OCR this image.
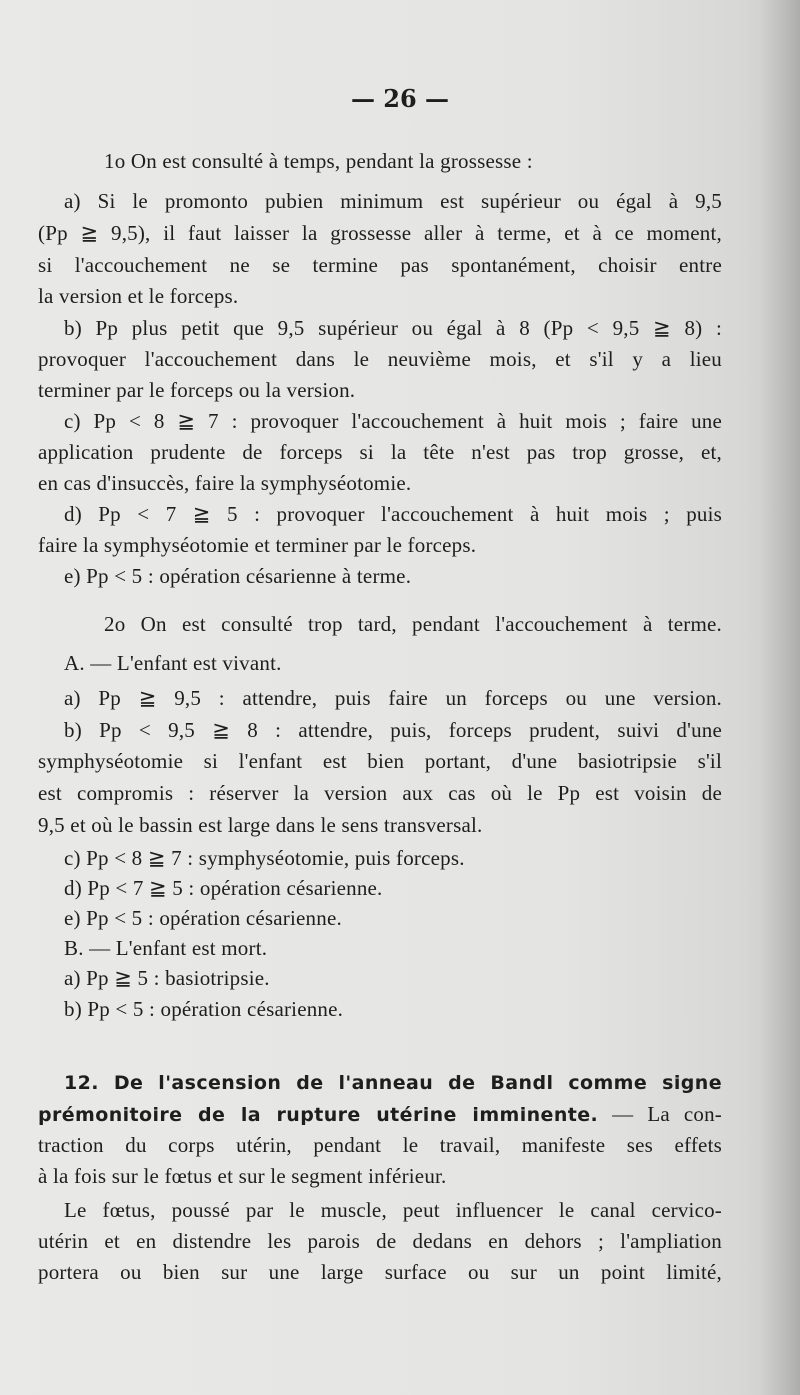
— 26 —
1o On est consulté à temps, pendant la grossesse :
a) Si le promonto pubien minimum est supérieur ou égal à 9,5
(Pp ≧ 9,5), il faut laisser la grossesse aller à terme, et à ce moment,
si l'accouchement ne se termine pas spontanément, choisir entre
la version et le forceps.
b) Pp plus petit que 9,5 supérieur ou égal à 8 (Pp < 9,5 ≧ 8) :
provoquer l'accouchement dans le neuvième mois, et s'il y a lieu
terminer par le forceps ou la version.
c) Pp < 8 ≧ 7 : provoquer l'accouchement à huit mois ; faire une
application prudente de forceps si la tête n'est pas trop grosse, et,
en cas d'insuccès, faire la symphyséotomie.
d) Pp < 7 ≧ 5 : provoquer l'accouchement à huit mois ; puis
faire la symphyséotomie et terminer par le forceps.
e) Pp < 5 : opération césarienne à terme.
2o On est consulté trop tard, pendant l'accouchement à terme.
A. — L'enfant est vivant.
a) Pp ≧ 9,5 : attendre, puis faire un forceps ou une version.
b) Pp < 9,5 ≧ 8 : attendre, puis, forceps prudent, suivi d'une
symphyséotomie si l'enfant est bien portant, d'une basiotripsie s'il
est compromis : réserver la version aux cas où le Pp est voisin de
9,5 et où le bassin est large dans le sens transversal.
c) Pp < 8 ≧ 7 : symphyséotomie, puis forceps.
d) Pp < 7 ≧ 5 : opération césarienne.
e) Pp < 5 : opération césarienne.
B. — L'enfant est mort.
a) Pp ≧ 5 : basiotripsie.
b) Pp < 5 : opération césarienne.
12. De l'ascension de l'anneau de Bandl comme signe
prémonitoire de la rupture utérine imminente. — La con-
traction du corps utérin, pendant le travail, manifeste ses effets
à la fois sur le fœtus et sur le segment inférieur.
Le fœtus, poussé par le muscle, peut influencer le canal cervico-
utérin et en distendre les parois de dedans en dehors ; l'ampliation
portera ou bien sur une large surface ou sur un point limité,
